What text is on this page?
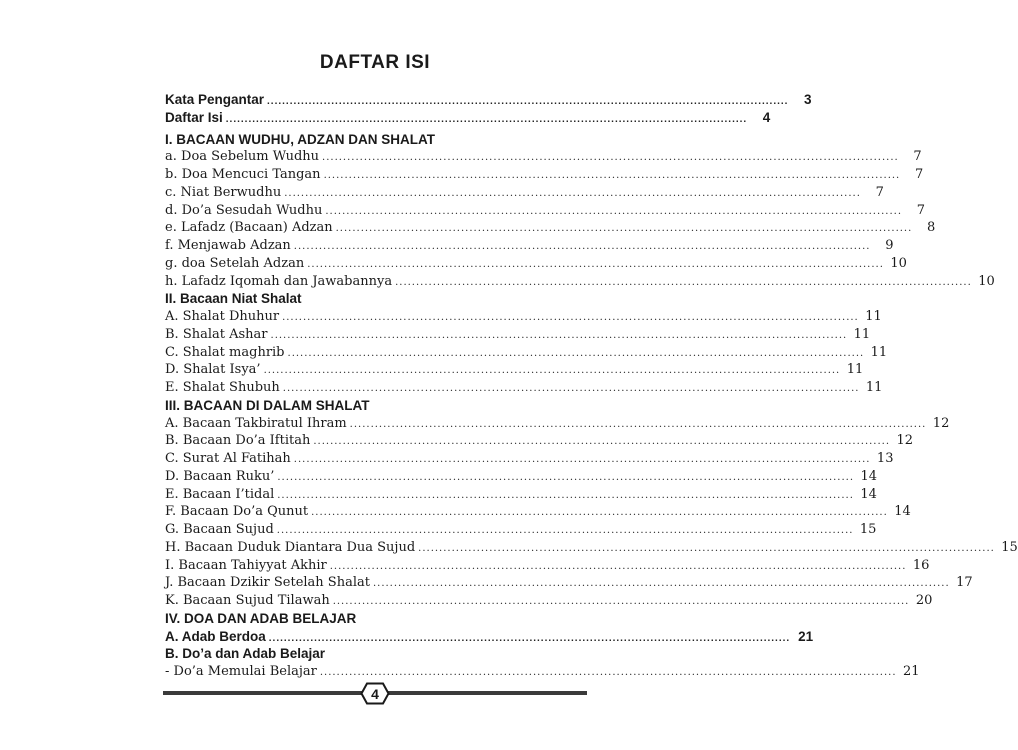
DAFTAR ISI
Kata Pengantar ..........................................................................................................................................	3
Daftar Isi ..........................................................................................................................................	4
I. BACAAN WUDHU, ADZAN DAN SHALAT
a. Doa Sebelum Wudhu ..........................................................................................................................................	7
b. Doa Mencuci Tangan ..........................................................................................................................................	7
c. Niat Berwudhu ..........................................................................................................................................	7
d. Do’a Sesudah Wudhu ..........................................................................................................................................	7
e. Lafadz (Bacaan) Adzan ..........................................................................................................................................	8
f. Menjawab Adzan ..........................................................................................................................................	9
g. doa Setelah Adzan .......................................................................................................................................... 10
h. Lafadz Iqomah dan Jawabannya .......................................................................................................................................... 10
II. Bacaan Niat Shalat
A. Shalat Dhuhur .......................................................................................................................................... 11
B. Shalat Ashar .......................................................................................................................................... 11
C. Shalat maghrib .......................................................................................................................................... 11
D. Shalat Isya’ .......................................................................................................................................... 11
E. Shalat Shubuh .......................................................................................................................................... 11
III. BACAAN DI DALAM SHALAT
A. Bacaan Takbiratul Ihram .......................................................................................................................................... 12
B. Bacaan Do’a Iftitah .......................................................................................................................................... 12
C. Surat Al Fatihah .......................................................................................................................................... 13
D. Bacaan Ruku’ .......................................................................................................................................... 14
E. Bacaan I’tidal .......................................................................................................................................... 14
F. Bacaan Do’a Qunut .......................................................................................................................................... 14
G. Bacaan Sujud .......................................................................................................................................... 15
H. Bacaan Duduk Diantara Dua Sujud .......................................................................................................................................... 15
I. Bacaan Tahiyyat Akhir .......................................................................................................................................... 16
J. Bacaan Dzikir Setelah Shalat .......................................................................................................................................... 17
K. Bacaan Sujud Tilawah .......................................................................................................................................... 20
IV. DOA DAN ADAB BELAJAR
A. Adab Berdoa .......................................................................................................................................... 21
B. Do’a dan Adab Belajar
- Do’a Memulai Belajar .......................................................................................................................................... 21
4
